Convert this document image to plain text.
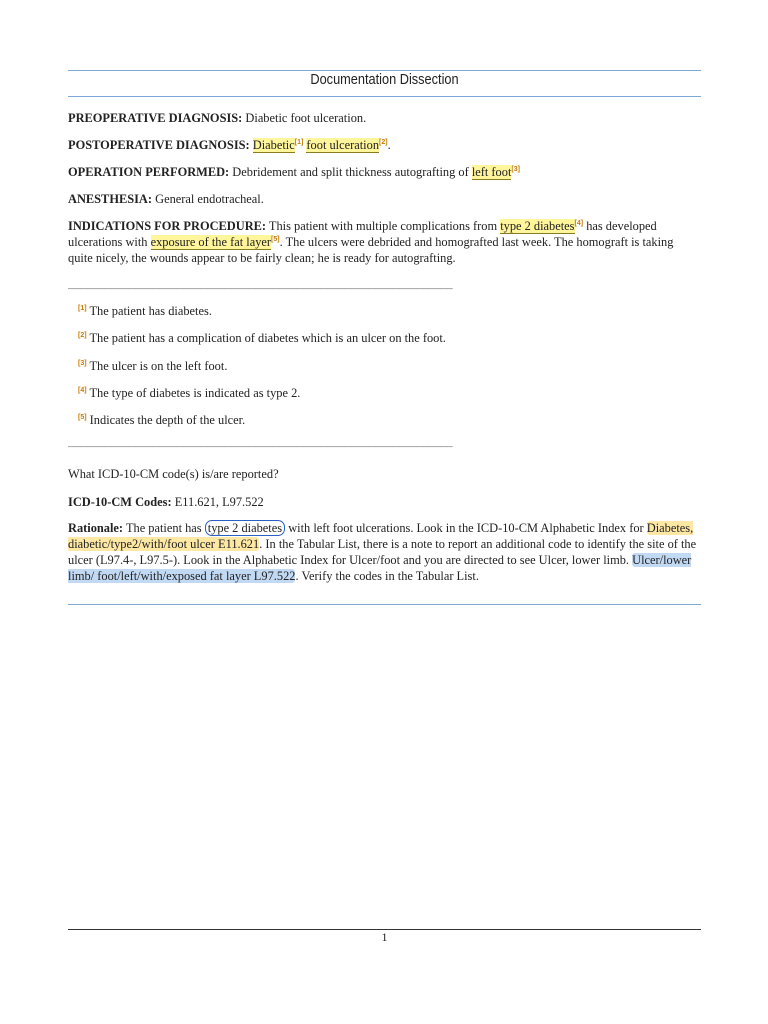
Documentation Dissection

PREOPERATIVE DIAGNOSIS: Diabetic foot ulceration.

POSTOPERATIVE DIAGNOSIS: Diabetic[1] foot ulceration[2].

OPERATION PERFORMED: Debridement and split thickness autografting of left foot[3]

ANESTHESIA: General endotracheal.

INDICATIONS FOR PROCEDURE: This patient with multiple complications from type 2 diabetes[4] has developed ulcerations with exposure of the fat layer[5]. The ulcers were debrided and homografted last week. The homograft is taking quite nicely, the wounds appear to be fairly clean; he is ready for autografting.

________________________________________________________________
[1] The patient has diabetes.
[2] The patient has a complication of diabetes which is an ulcer on the foot.
[3] The ulcer is on the left foot.
[4] The type of diabetes is indicated as type 2.
[5] Indicates the depth of the ulcer.
________________________________________________________________

What ICD-10-CM code(s) is/are reported?

ICD-10-CM Codes: E11.621, L97.522

Rationale: The patient has type 2 diabetes with left foot ulcerations. Look in the ICD-10-CM Alphabetic Index for Diabetes, diabetic/type2/with/foot ulcer E11.621. In the Tabular List, there is a note to report an additional code to identify the site of the ulcer (L97.4-, L97.5-). Look in the Alphabetic Index for Ulcer/foot and you are directed to see Ulcer, lower limb. Ulcer/lower limb/ foot/left/with/exposed fat layer L97.522. Verify the codes in the Tabular List.

1
